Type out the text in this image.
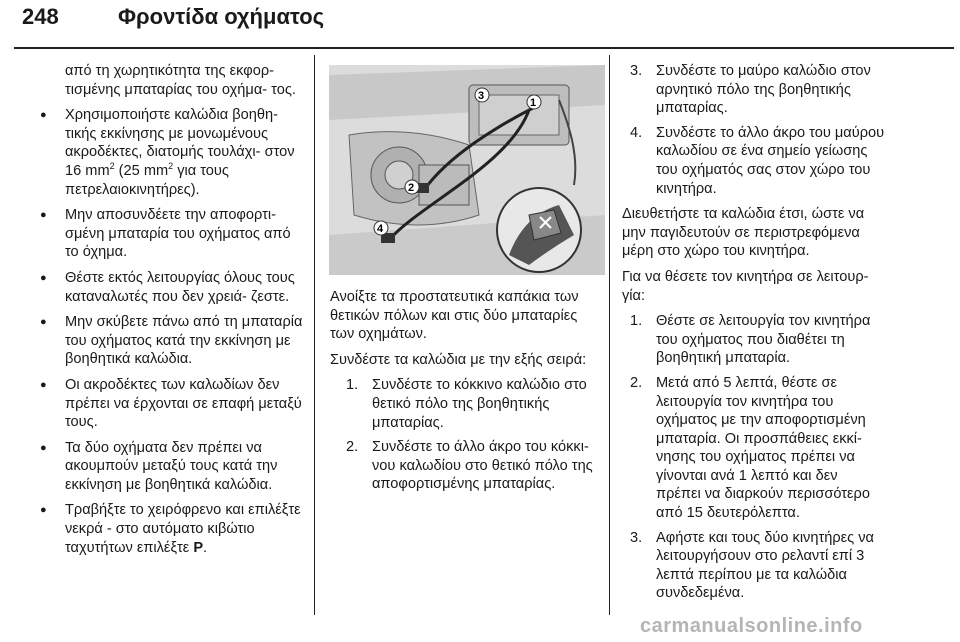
248	Φροντίδα οχήματος

από τη χωρητικότητα της εκφορ‐ τισμένης μπαταρίας του οχήμα‐ τος.

● Χρησιμοποιήστε καλώδια βοηθη‐ τικής εκκίνησης με μονωμένους ακροδέκτες, διατομής τουλάχι‐ στον 16 $mm^2$ (25 $mm^2$ για τους πετρελαιοκινητήρες).
● Μην αποσυνδέετε την αποφορτι‐ σμένη μπαταρία του οχήματος από το όχημα.
● Θέστε εκτός λειτουργίας όλους τους καταναλωτές που δεν χρειά‐ ζεστε.
● Μην σκύβετε πάνω από τη μπαταρία του οχήματος κατά την εκκίνηση με βοηθητικά καλώδια.
● Οι ακροδέκτες των καλωδίων δεν πρέπει να έρχονται σε επαφή μεταξύ τους.
● Τα δύο οχήματα δεν πρέπει να ακουμπούν μεταξύ τους κατά την εκκίνηση με βοηθητικά καλώδια.
● Τραβήξτε το χειρόφρενο και επιλέξτε νεκρά - στο αυτόματο κιβώτιο ταχυτήτων επιλέξτε P.
1
2
3
4

Ανοίξτε τα προστατευτικά καπάκια των θετικών πόλων και στις δύο μπαταρίες των οχημάτων.

Συνδέστε τα καλώδια με την εξής σειρά:

1. Συνδέστε το κόκκινο καλώδιο στο θετικό πόλο της βοηθητικής μπαταρίας.
2. Συνδέστε το άλλο άκρο του κόκκι‐ νου καλωδίου στο θετικό πόλο της αποφορτισμένης μπαταρίας.
3. Συνδέστε το μαύρο καλώδιο στον αρνητικό πόλο της βοηθητικής μπαταρίας.
4. Συνδέστε το άλλο άκρο του μαύρου καλωδίου σε ένα σημείο γείωσης του οχήματός σας στον χώρο του κινητήρα.

Διευθετήστε τα καλώδια έτσι, ώστε να μην παγιδευτούν σε περιστρεφόμενα μέρη στο χώρο του κινητήρα.

Για να θέσετε τον κινητήρα σε λειτουρ‐ γία:

1. Θέστε σε λειτουργία τον κινητήρα του οχήματος που διαθέτει τη βοηθητική μπαταρία.
2. Μετά από 5 λεπτά, θέστε σε λειτουργία τον κινητήρα του οχήματος με την αποφορτισμένη μπαταρία. Οι προσπάθειες εκκί‐ νησης του οχήματος πρέπει να γίνονται ανά 1 λεπτό και δεν πρέπει να διαρκούν περισσότερο από 15 δευτερόλεπτα.
3. Αφήστε και τους δύο κινητήρες να λειτουργήσουν στο ρελαντί επί 3 λεπτά περίπου με τα καλώδια συνδεδεμένα.
carmanualsonline.info
